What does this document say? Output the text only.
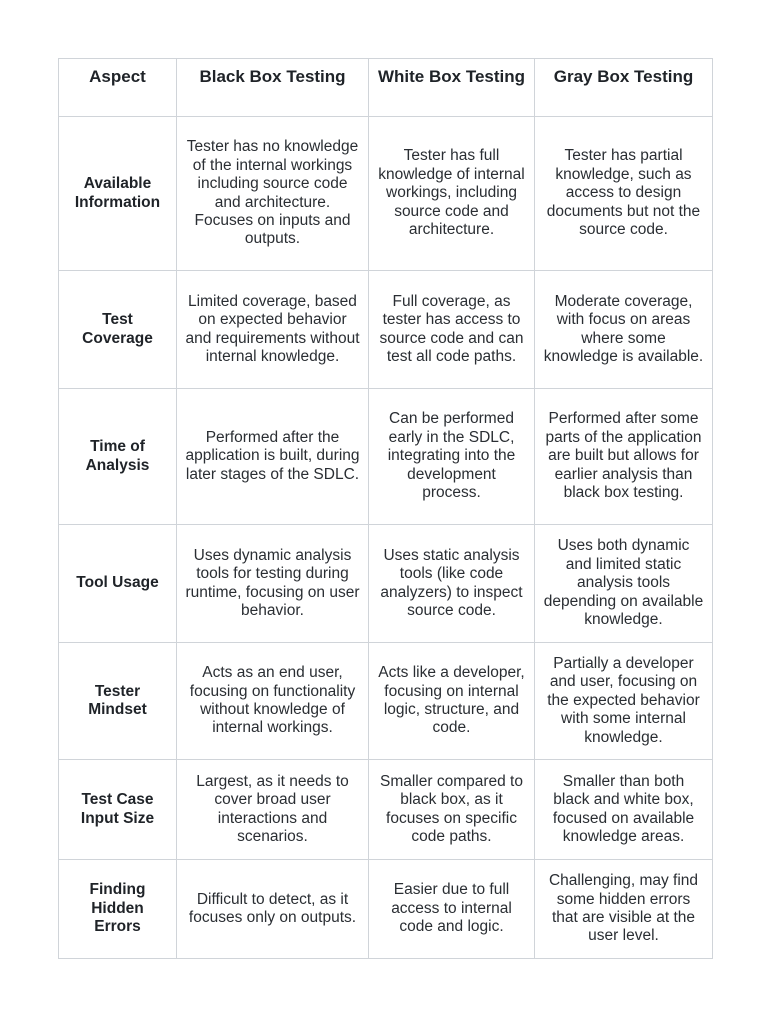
Aspect	Black Box Testing	White Box Testing	Gray Box Testing
Available Information	Tester has no knowledge of the internal workings including source code and architecture. Focuses on inputs and outputs.	Tester has full knowledge of internal workings, including source code and architecture.	Tester has partial knowledge, such as access to design documents but not the source code.
Test Coverage	Limited coverage, based on expected behavior and requirements without internal knowledge.	Full coverage, as tester has access to source code and can test all code paths.	Moderate coverage, with focus on areas where some knowledge is available.
Time of Analysis	Performed after the application is built, during later stages of the SDLC.	Can be performed early in the SDLC, integrating into the development process.	Performed after some parts of the application are built but allows for earlier analysis than black box testing.
Tool Usage	Uses dynamic analysis tools for testing during runtime, focusing on user behavior.	Uses static analysis tools (like code analyzers) to inspect source code.	Uses both dynamic and limited static analysis tools depending on available knowledge.
Tester Mindset	Acts as an end user, focusing on functionality without knowledge of internal workings.	Acts like a developer, focusing on internal logic, structure, and code.	Partially a developer and user, focusing on the expected behavior with some internal knowledge.
Test Case Input Size	Largest, as it needs to cover broad user interactions and scenarios.	Smaller compared to black box, as it focuses on specific code paths.	Smaller than both black and white box, focused on available knowledge areas.
Finding Hidden Errors	Difficult to detect, as it focuses only on outputs.	Easier due to full access to internal code and logic.	Challenging, may find some hidden errors that are visible at the user level.
